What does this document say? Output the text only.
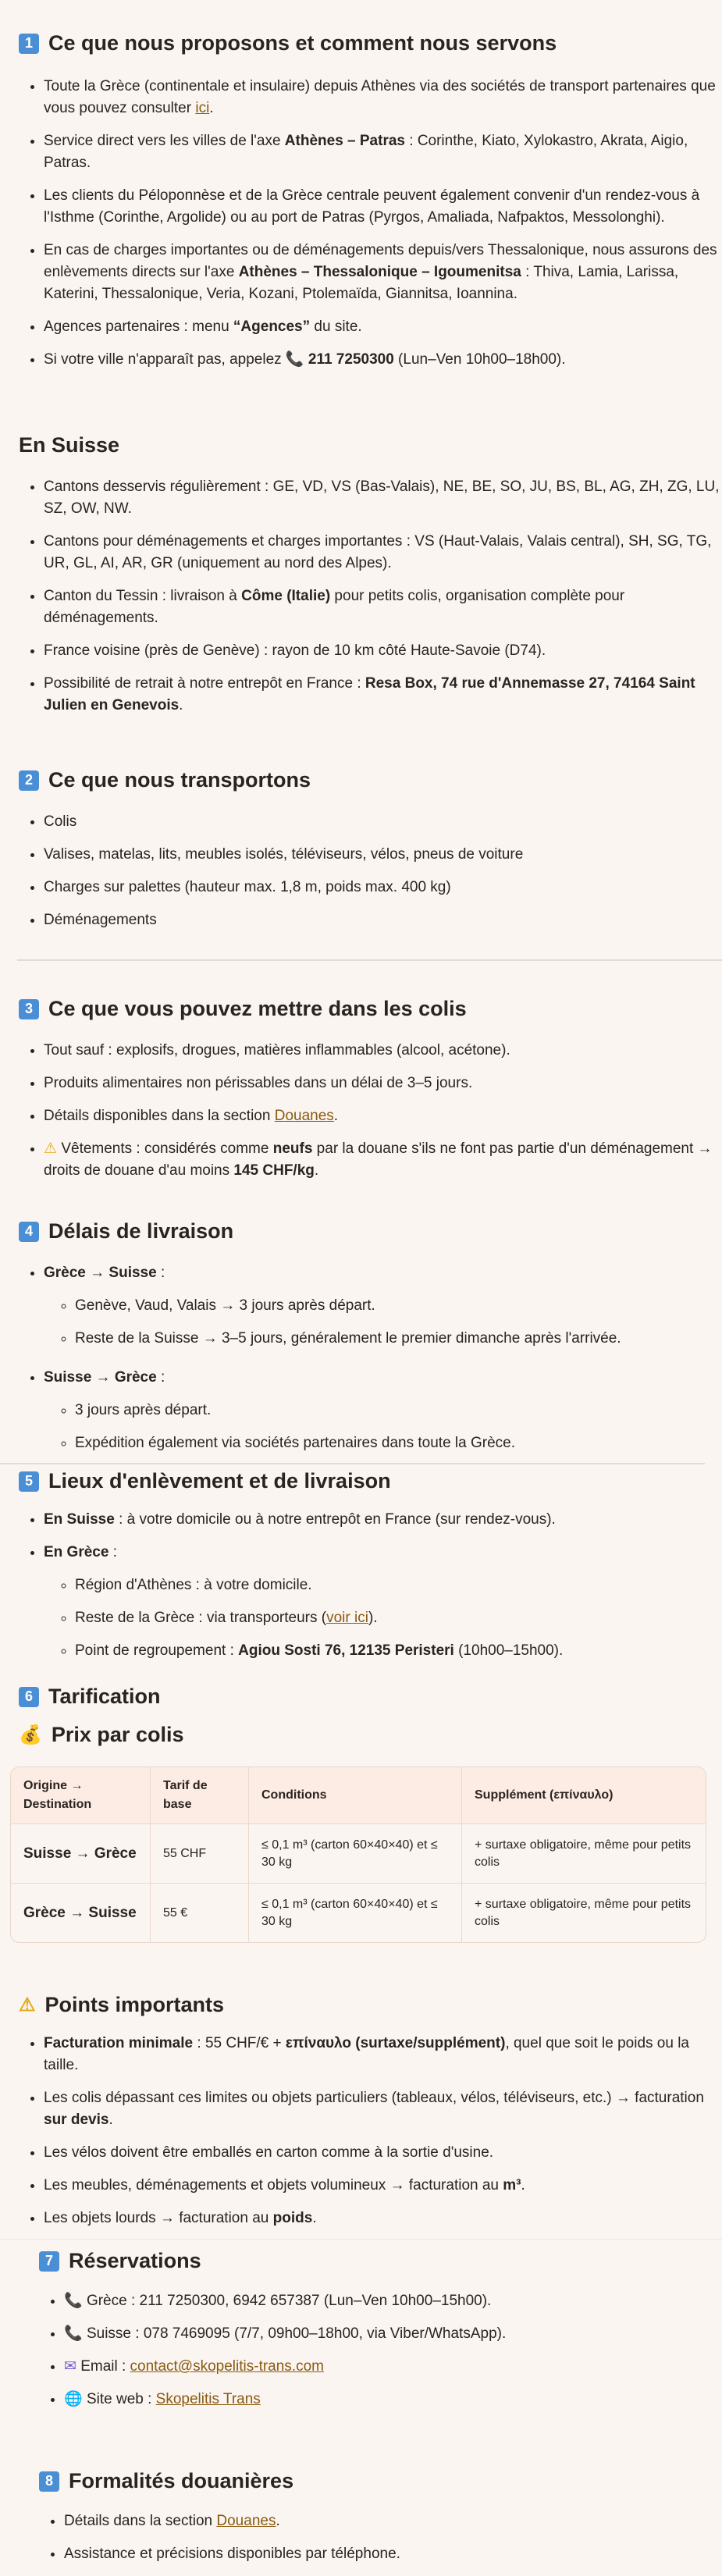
1 Ce que nous proposons et comment nous servons
• Toute la Grèce (continentale et insulaire) depuis Athènes via des sociétés de transport partenaires que vous pouvez consulter ici.
• Service direct vers les villes de l'axe Athènes – Patras : Corinthe, Kiato, Xylokastro, Akrata, Aigio, Patras.
• Les clients du Péloponnèse et de la Grèce centrale peuvent également convenir d'un rendez-vous à l'Isthme (Corinthe, Argolide) ou au port de Patras (Pyrgos, Amaliada, Nafpaktos, Messolonghi).
• En cas de charges importantes ou de déménagements depuis/vers Thessalonique, nous assurons des enlèvements directs sur l'axe Athènes – Thessalonique – Igoumenitsa : Thiva, Lamia, Larissa, Katerini, Thessalonique, Veria, Kozani, Ptolemaïda, Giannitsa, Ioannina.
• Agences partenaires : menu “Agences” du site.
• Si votre ville n'apparaît pas, appelez 📞 211 7250300 (Lun–Ven 10h00–18h00).
En Suisse
• Cantons desservis régulièrement : GE, VD, VS (Bas-Valais), NE, BE, SO, JU, BS, BL, AG, ZH, ZG, LU, SZ, OW, NW.
• Cantons pour déménagements et charges importantes : VS (Haut-Valais, Valais central), SH, SG, TG, UR, GL, AI, AR, GR (uniquement au nord des Alpes).
• Canton du Tessin : livraison à Côme (Italie) pour petits colis, organisation complète pour déménagements.
• France voisine (près de Genève) : rayon de 10 km côté Haute-Savoie (D74).
• Possibilité de retrait à notre entrepôt en France : Resa Box, 74 rue d'Annemasse 27, 74164 Saint Julien en Genevois.
2 Ce que nous transportons
• Colis
• Valises, matelas, lits, meubles isolés, téléviseurs, vélos, pneus de voiture
• Charges sur palettes (hauteur max. 1,8 m, poids max. 400 kg)
• Déménagements
3 Ce que vous pouvez mettre dans les colis
• Tout sauf : explosifs, drogues, matières inflammables (alcool, acétone).
• Produits alimentaires non périssables dans un délai de 3–5 jours.
• Détails disponibles dans la section Douanes.
• ⚠ Vêtements : considérés comme neufs par la douane s'ils ne font pas partie d'un déménagement → droits de douane d'au moins 145 CHF/kg.
4 Délais de livraison
• Grèce → Suisse :
◦ Genève, Vaud, Valais → 3 jours après départ.
◦ Reste de la Suisse → 3–5 jours, généralement le premier dimanche après l'arrivée.
• Suisse → Grèce :
◦ 3 jours après départ.
◦ Expédition également via sociétés partenaires dans toute la Grèce.
5 Lieux d'enlèvement et de livraison
• En Suisse : à votre domicile ou à notre entrepôt en France (sur rendez-vous).
• En Grèce :
◦ Région d'Athènes : à votre domicile.
◦ Reste de la Grèce : via transporteurs (voir ici).
◦ Point de regroupement : Agiou Sosti 76, 12135 Peristeri (10h00–15h00).
6 Tarification
💰 Prix par colis
Origine → Destination	Tarif de base	Conditions	Supplément (επίναυλο)
Suisse → Grèce	55 CHF	≤ 0,1 m³ (carton 60×40×40) et ≤ 30 kg	+ surtaxe obligatoire, même pour petits colis
Grèce → Suisse	55 €	≤ 0,1 m³ (carton 60×40×40) et ≤ 30 kg	+ surtaxe obligatoire, même pour petits colis
⚠ Points importants
• Facturation minimale : 55 CHF/€ + επίναυλο (surtaxe/supplément), quel que soit le poids ou la taille.
• Les colis dépassant ces limites ou objets particuliers (tableaux, vélos, téléviseurs, etc.) → facturation sur devis.
• Les vélos doivent être emballés en carton comme à la sortie d'usine.
• Les meubles, déménagements et objets volumineux → facturation au m³.
• Les objets lourds → facturation au poids.
7 Réservations
• 📞 Grèce : 211 7250300, 6942 657387 (Lun–Ven 10h00–15h00).
• 📞 Suisse : 078 7469095 (7/7, 09h00–18h00, via Viber/WhatsApp).
• ✉ Email : contact@skopelitis-trans.com
• 🌐 Site web : Skopelitis Trans
8 Formalités douanières
• Détails dans la section Douanes.
• Assistance et précisions disponibles par téléphone.
